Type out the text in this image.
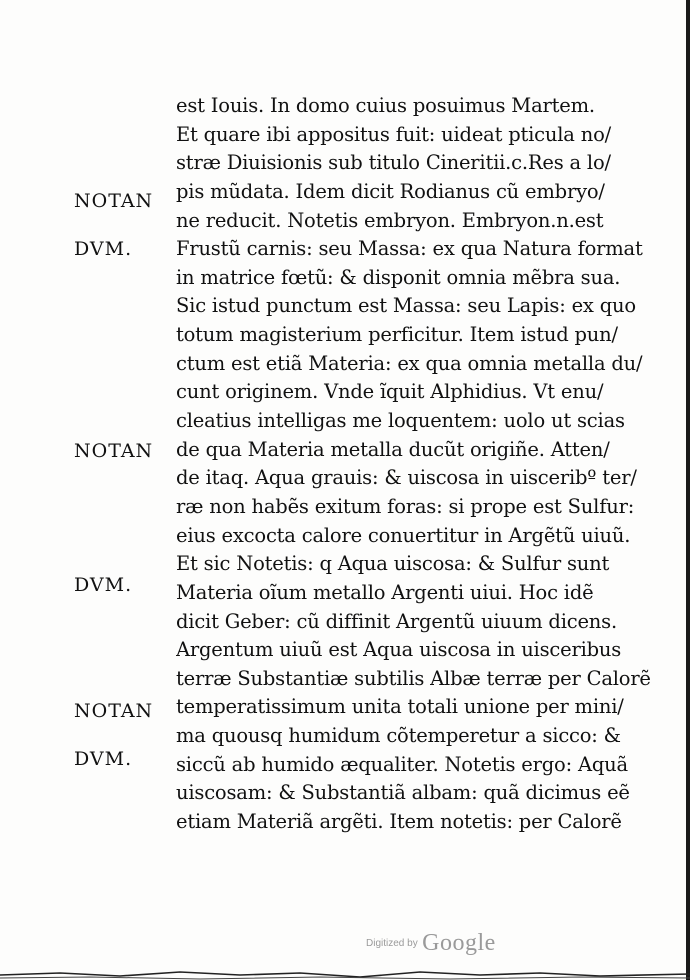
NOTAN
DVM.
NOTAN
DVM.
NOTAN
DVM.
est Iouis. In domo cuius posuimus Martem.
Et quare ibi appositus fuit: uideat pticula no/
stræ Diuisionis sub titulo Cineritii.c.Res a lo/
pis mũdata. Idem dicit Rodianus cũ embryo/
ne reducit. Notetis embryon. Embryon.n.est
Frustũ carnis: seu Massa: ex qua Natura format
in matrice fœtũ: & disponit omnia mẽbra sua.
Sic istud punctum est Massa: seu Lapis: ex quo
totum magisterium perficitur. Item istud pun/
ctum est etiã Materia: ex qua omnia metalla du/
cunt originem. Vnde ĩquit Alphidius. Vt enu/
cleatius intelligas me loquentem: uolo ut scias
de qua Materia metalla ducũt origiñe. Atten/
de itaq. Aqua grauis: & uiscosa in uisceribº ter/
ræ non habẽs exitum foras: si prope est Sulfur:
eius excocta calore conuertitur in Argẽtũ uiuũ.
Et sic Notetis: q Aqua uiscosa: & Sulfur sunt
Materia oĩum metallo Argenti uiui. Hoc idẽ
dicit Geber: cũ diffinit Argentũ uiuum dicens.
Argentum uiuũ est Aqua uiscosa in uisceribus
terræ Substantiæ subtilis Albæ terræ per Calorẽ
temperatissimum unita totali unione per mini/
ma quousq humidum cõtemperetur a sicco: &
siccũ ab humido æqualiter. Notetis ergo: Aquã
uiscosam: & Substantiã albam: quã dicimus eẽ
etiam Materiã argẽti. Item notetis: per Calorẽ
Digitized by Google
